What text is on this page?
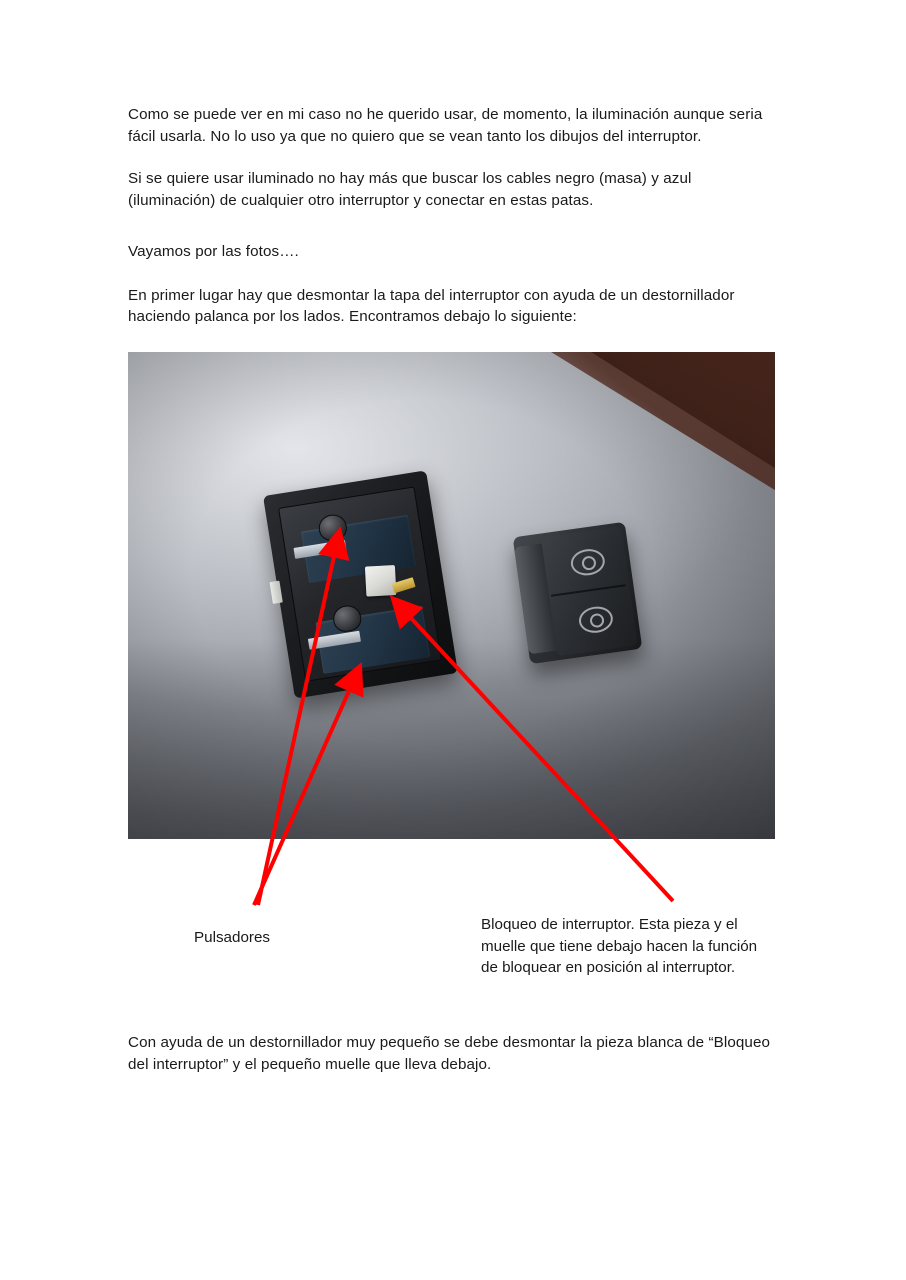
Como se puede ver en mi caso no he querido usar, de momento, la iluminación aunque seria fácil usarla. No lo uso ya que no quiero que se vean tanto los dibujos del interruptor.

Si se quiere usar iluminado no hay más que buscar los cables negro (masa) y azul (iluminación) de cualquier otro interruptor y conectar en estas patas.

Vayamos por las fotos….

En primer lugar hay que desmontar la tapa del interruptor con ayuda de un destornillador haciendo palanca por los lados. Encontramos debajo lo siguiente:

Pulsadores
Bloqueo de interruptor. Esta pieza y el muelle que tiene debajo hacen la función de bloquear en posición al interruptor.

Con ayuda de un destornillador muy pequeño se debe desmontar la pieza blanca de “Bloqueo del interruptor” y el pequeño muelle que lleva debajo.
